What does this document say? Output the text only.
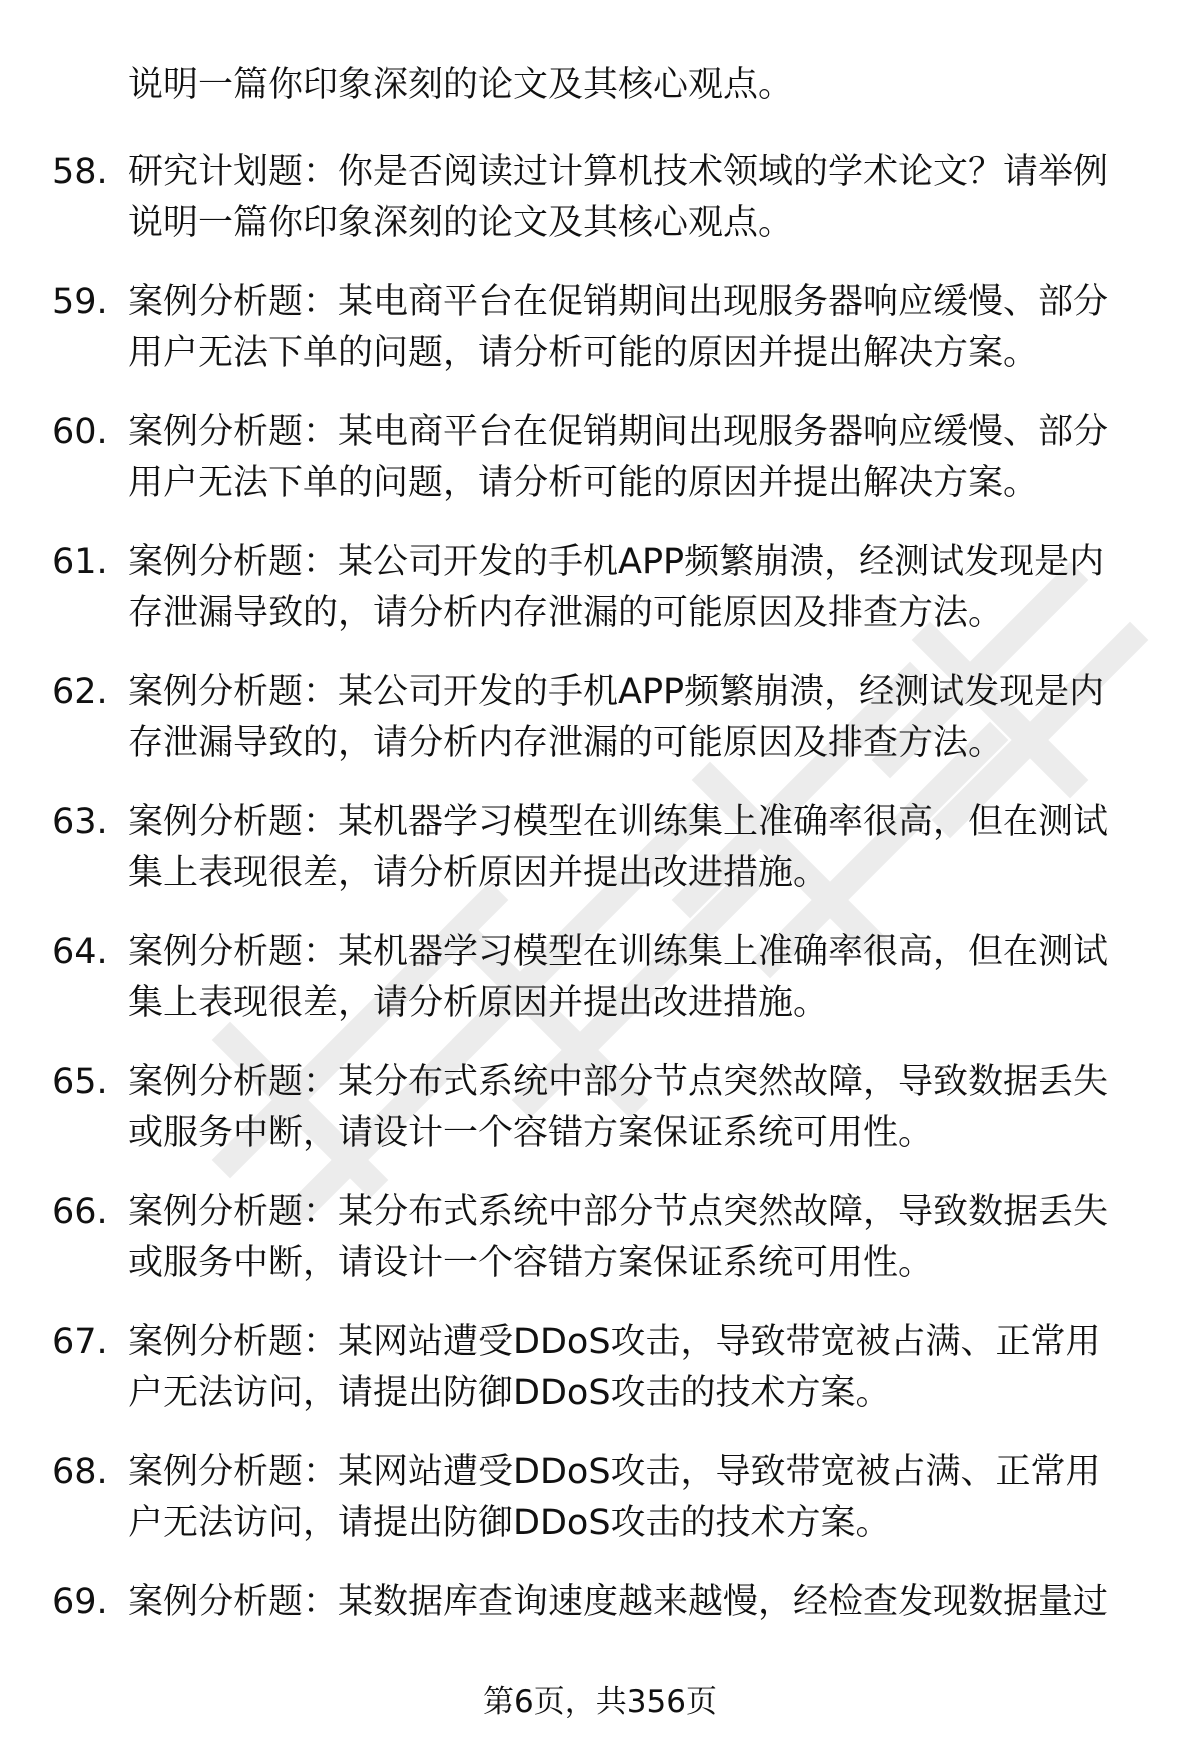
说明一篇你印象深刻的论文及其核心观点。
58. 研究计划题：你是否阅读过计算机技术领域的学术论文？请举例
说明一篇你印象深刻的论文及其核心观点。
59. 案例分析题：某电商平台在促销期间出现服务器响应缓慢、部分
用户无法下单的问题，请分析可能的原因并提出解决方案。
60. 案例分析题：某电商平台在促销期间出现服务器响应缓慢、部分
用户无法下单的问题，请分析可能的原因并提出解决方案。
61. 案例分析题：某公司开发的手机APP频繁崩溃，经测试发现是内
存泄漏导致的，请分析内存泄漏的可能原因及排查方法。
62. 案例分析题：某公司开发的手机APP频繁崩溃，经测试发现是内
存泄漏导致的，请分析内存泄漏的可能原因及排查方法。
63. 案例分析题：某机器学习模型在训练集上准确率很高，但在测试
集上表现很差，请分析原因并提出改进措施。
64. 案例分析题：某机器学习模型在训练集上准确率很高，但在测试
集上表现很差，请分析原因并提出改进措施。
65. 案例分析题：某分布式系统中部分节点突然故障，导致数据丢失
或服务中断，请设计一个容错方案保证系统可用性。
66. 案例分析题：某分布式系统中部分节点突然故障，导致数据丢失
或服务中断，请设计一个容错方案保证系统可用性。
67. 案例分析题：某网站遭受DDoS攻击，导致带宽被占满、正常用
户无法访问，请提出防御DDoS攻击的技术方案。
68. 案例分析题：某网站遭受DDoS攻击，导致带宽被占满、正常用
户无法访问，请提出防御DDoS攻击的技术方案。
69. 案例分析题：某数据库查询速度越来越慢，经检查发现数据量过
第6页，共356页
